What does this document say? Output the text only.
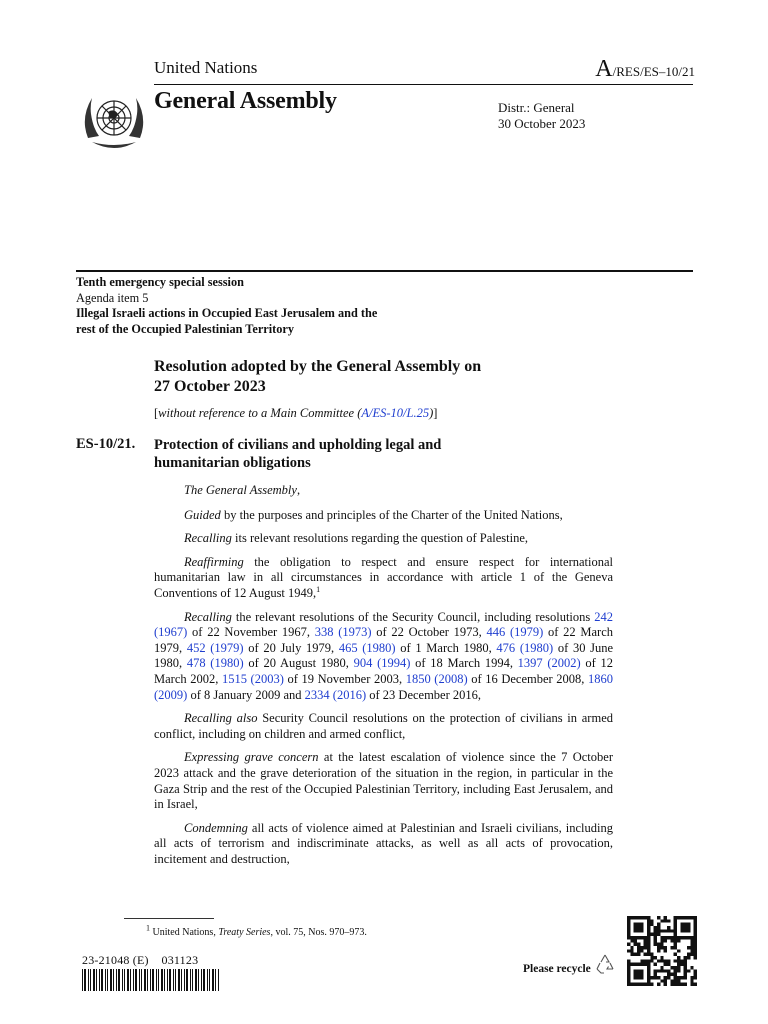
United Nations	A/RES/ES–10/21
General Assembly	Distr.: General
30 October 2023
Tenth emergency special session
Agenda item 5
Illegal Israeli actions in Occupied East Jerusalem and the
rest of the Occupied Palestinian Territory
Resolution adopted by the General Assembly on
27 October 2023
[without reference to a Main Committee (A/ES-10/L.25)]
ES-10/21. Protection of civilians and upholding legal and
humanitarian obligations

The General Assembly,

Guided by the purposes and principles of the Charter of the United Nations,

Recalling its relevant resolutions regarding the question of Palestine,

Reaffirming the obligation to respect and ensure respect for international humanitarian law in all circumstances in accordance with article 1 of the Geneva Conventions of 12 August 1949,$^1$

Recalling the relevant resolutions of the Security Council, including resolutions 242 (1967) of 22 November 1967, 338 (1973) of 22 October 1973, 446 (1979) of 22 March 1979, 452 (1979) of 20 July 1979, 465 (1980) of 1 March 1980, 476 (1980) of 30 June 1980, 478 (1980) of 20 August 1980, 904 (1994) of 18 March 1994, 1397 (2002) of 12 March 2002, 1515 (2003) of 19 November 2003, 1850 (2008) of 16 December 2008, 1860 (2009) of 8 January 2009 and 2334 (2016) of 23 December 2016,

Recalling also Security Council resolutions on the protection of civilians in armed conflict, including on children and armed conflict,

Expressing grave concern at the latest escalation of violence since the 7 October 2023 attack and the grave deterioration of the situation in the region, in particular in the Gaza Strip and the rest of the Occupied Palestinian Territory, including East Jerusalem, and in Israel,

Condemning all acts of violence aimed at Palestinian and Israeli civilians, including all acts of terrorism and indiscriminate attacks, as well as all acts of provocation, incitement and destruction,

$^1$ United Nations, Treaty Series, vol. 75, Nos. 970–973.
23-21048 (E)    031123
Please recycle
